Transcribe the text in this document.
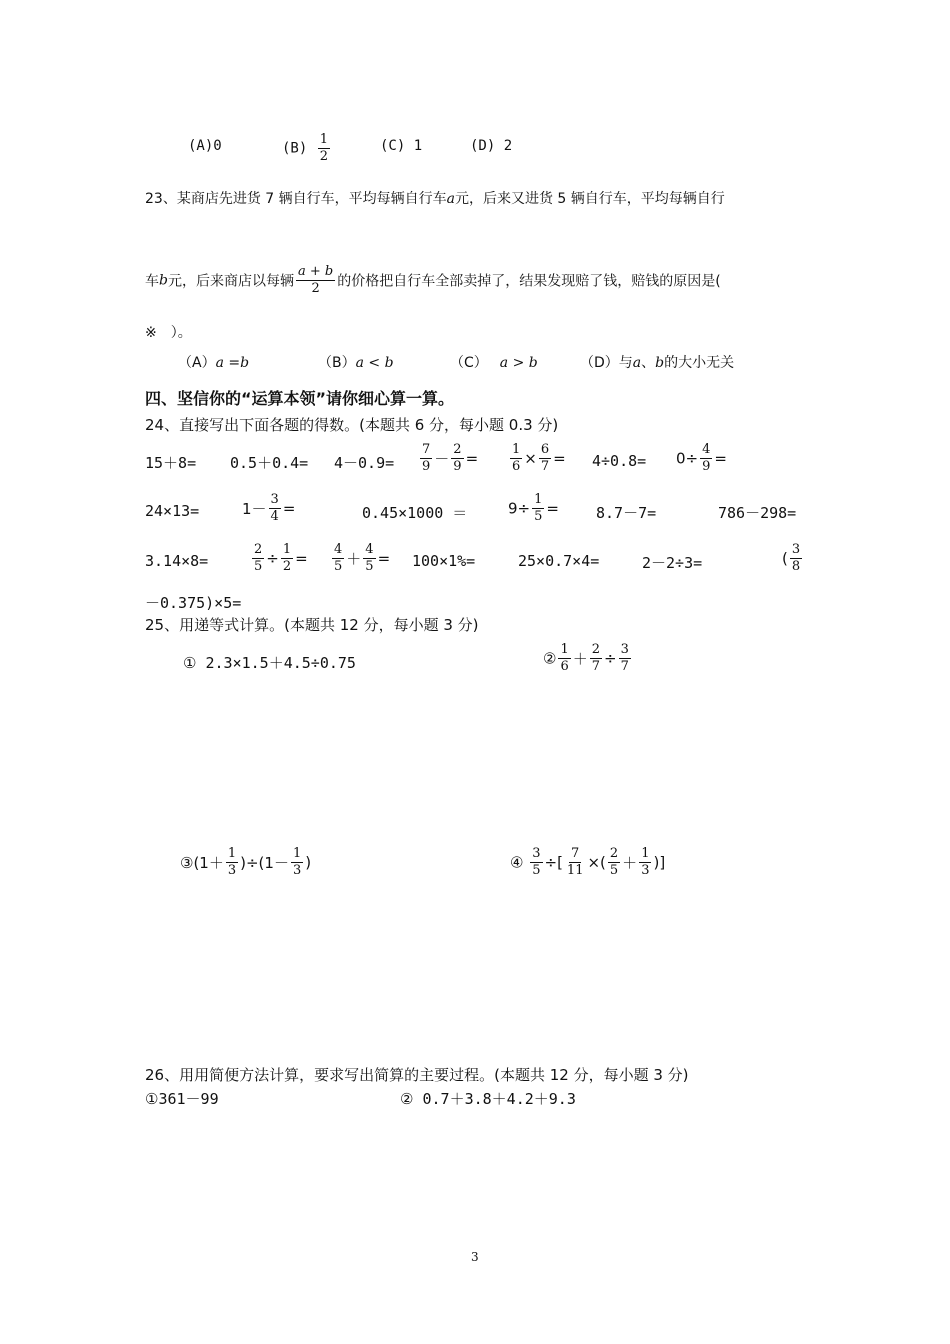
(A)0	$(B) \frac{1}{2}$	(C) 1	(D) 2
23、某商店先进货 7 辆自行车，平均每辆自行车a元，后来又进货 5 辆自行车，平均每辆自行
车b元，后来商店以每辆 $\frac{a + b}{2}$ 的价格把自行车全部卖掉了，结果发现赔了钱，赔钱的原因是(
※　）。
（A）a =b	（B）a < b	（C） a > b	（D）与a、b的大小无关
四、坚信你的“运算本领”请你细心算一算。
24、直接写出下面各题的得数。(本题共 6 分，每小题 0.3 分)
$15+8= 0.5+0.4= 4-0.9= \frac{7}{9} - \frac{2}{9} = \frac{1}{6} \times \frac{6}{7} = 4\div 0.8= 0\div \frac{4}{9}$ =
24×13=	$1- \frac{3}{4}$ =	0.45×1000 ＝	$9\div \frac{1}{5} = 8.7-7=$	786－298=
3.14×8=	$\frac{2}{5} \div \frac{1}{2} = \frac{4}{5} + \frac{4}{5} = 100\times 1\%=$	25×0.7×4=	2－2÷3=	( $\frac{3}{8}$
－0.375)×5=
25、用递等式计算。(本题共 12 分，每小题 3 分)
① 2.3×1.5＋4.5÷0.75	② $\frac{1}{6} + \frac{2}{7} \div \frac{3}{7}$
③(1＋ $\frac{1}{3} )\div(1- \frac{1}{3}$ )	④ $\frac{3}{5}$ ÷[ $\frac{7}{11}$ ×( $\frac{2}{5} + \frac{1}{3}$ )]
26、用用简便方法计算，要求写出简算的主要过程。(本题共 12 分，每小题 3 分)
①361－99	② 0.7＋3.8＋4.2＋9.3
3
